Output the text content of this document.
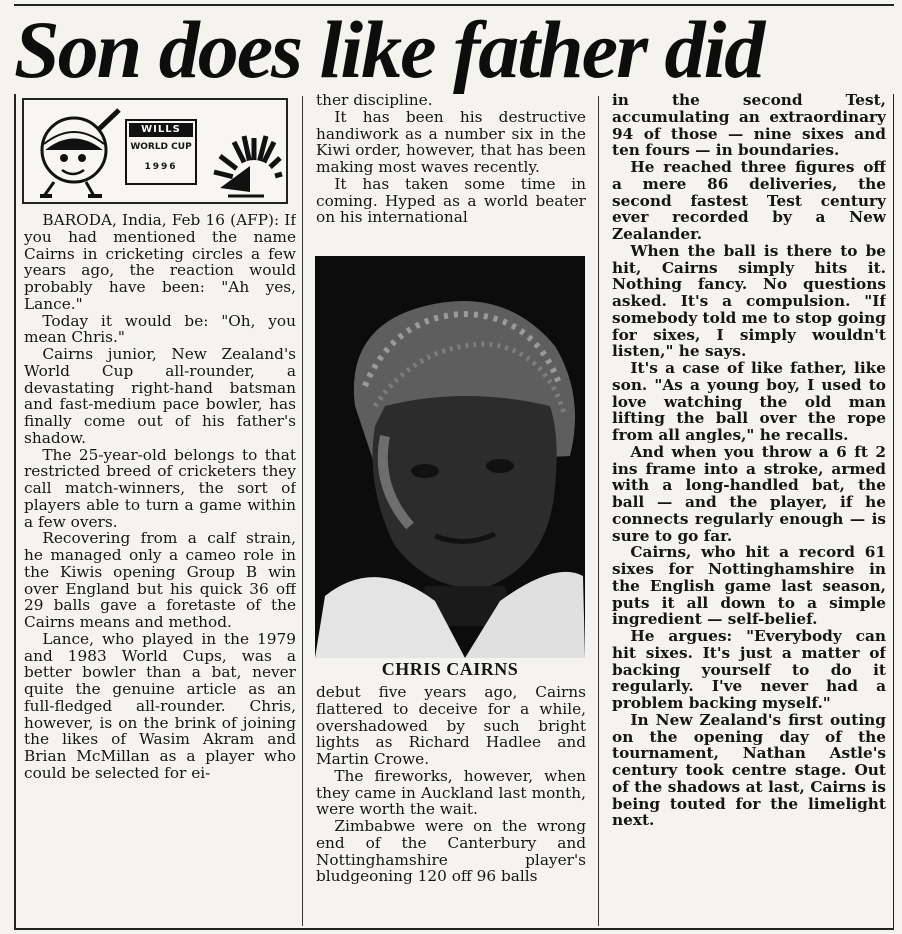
Son does like father did
WILLS
WORLD CUP
1996

BARODA, India, Feb 16 (AFP): If you had mentioned the name Cairns in cricketing circles a few years ago, the reaction would probably have been: "Ah yes, Lance."

Today it would be: "Oh, you mean Chris."

Cairns junior, New Zealand's World Cup all-rounder, a devastating right-hand batsman and fast-medium pace bowler, has finally come out of his father's shadow.

The 25-year-old belongs to that restricted breed of cricketers they call match-winners, the sort of players able to turn a game within a few overs.

Recovering from a calf strain, he managed only a cameo role in the Kiwis opening Group B win over England but his quick 36 off 29 balls gave a foretaste of the Cairns means and method.

Lance, who played in the 1979 and 1983 World Cups, was a better bowler than a bat, never quite the genuine article as an full-fledged all-rounder. Chris, however, is on the brink of joining the likes of Wasim Akram and Brian McMillan as a player who could be selected for ei-

ther discipline.

It has been his destructive handiwork as a number six in the Kiwi order, however, that has been making most waves recently.

It has taken some time in coming. Hyped as a world beater on his international

CHRIS CAIRNS

debut five years ago, Cairns flattered to deceive for a while, overshadowed by such bright lights as Richard Hadlee and Martin Crowe.

The fireworks, however, when they came in Auckland last month, were worth the wait.

Zimbabwe were on the wrong end of the Canterbury and Nottinghamshire player's bludgeoning 120 off 96 balls

in the second Test, accumulating an extraordinary 94 of those — nine sixes and ten fours — in boundaries.

He reached three figures off a mere 86 deliveries, the second fastest Test century ever recorded by a New Zealander.

When the ball is there to be hit, Cairns simply hits it. Nothing fancy. No questions asked. It's a compulsion. "If somebody told me to stop going for sixes, I simply wouldn't listen," he says.

It's a case of like father, like son. "As a young boy, I used to love watching the old man lifting the ball over the rope from all angles," he recalls.

And when you throw a 6 ft 2 ins frame into a stroke, armed with a long-handled bat, the ball — and the player, if he connects regularly enough — is sure to go far.

Cairns, who hit a record 61 sixes for Nottinghamshire in the English game last season, puts it all down to a simple ingredient — self-belief.

He argues: "Everybody can hit sixes. It's just a matter of backing yourself to do it regularly. I've never had a problem backing myself."

In New Zealand's first outing on the opening day of the tournament, Nathan Astle's century took centre stage. Out of the shadows at last, Cairns is being touted for the limelight next.
